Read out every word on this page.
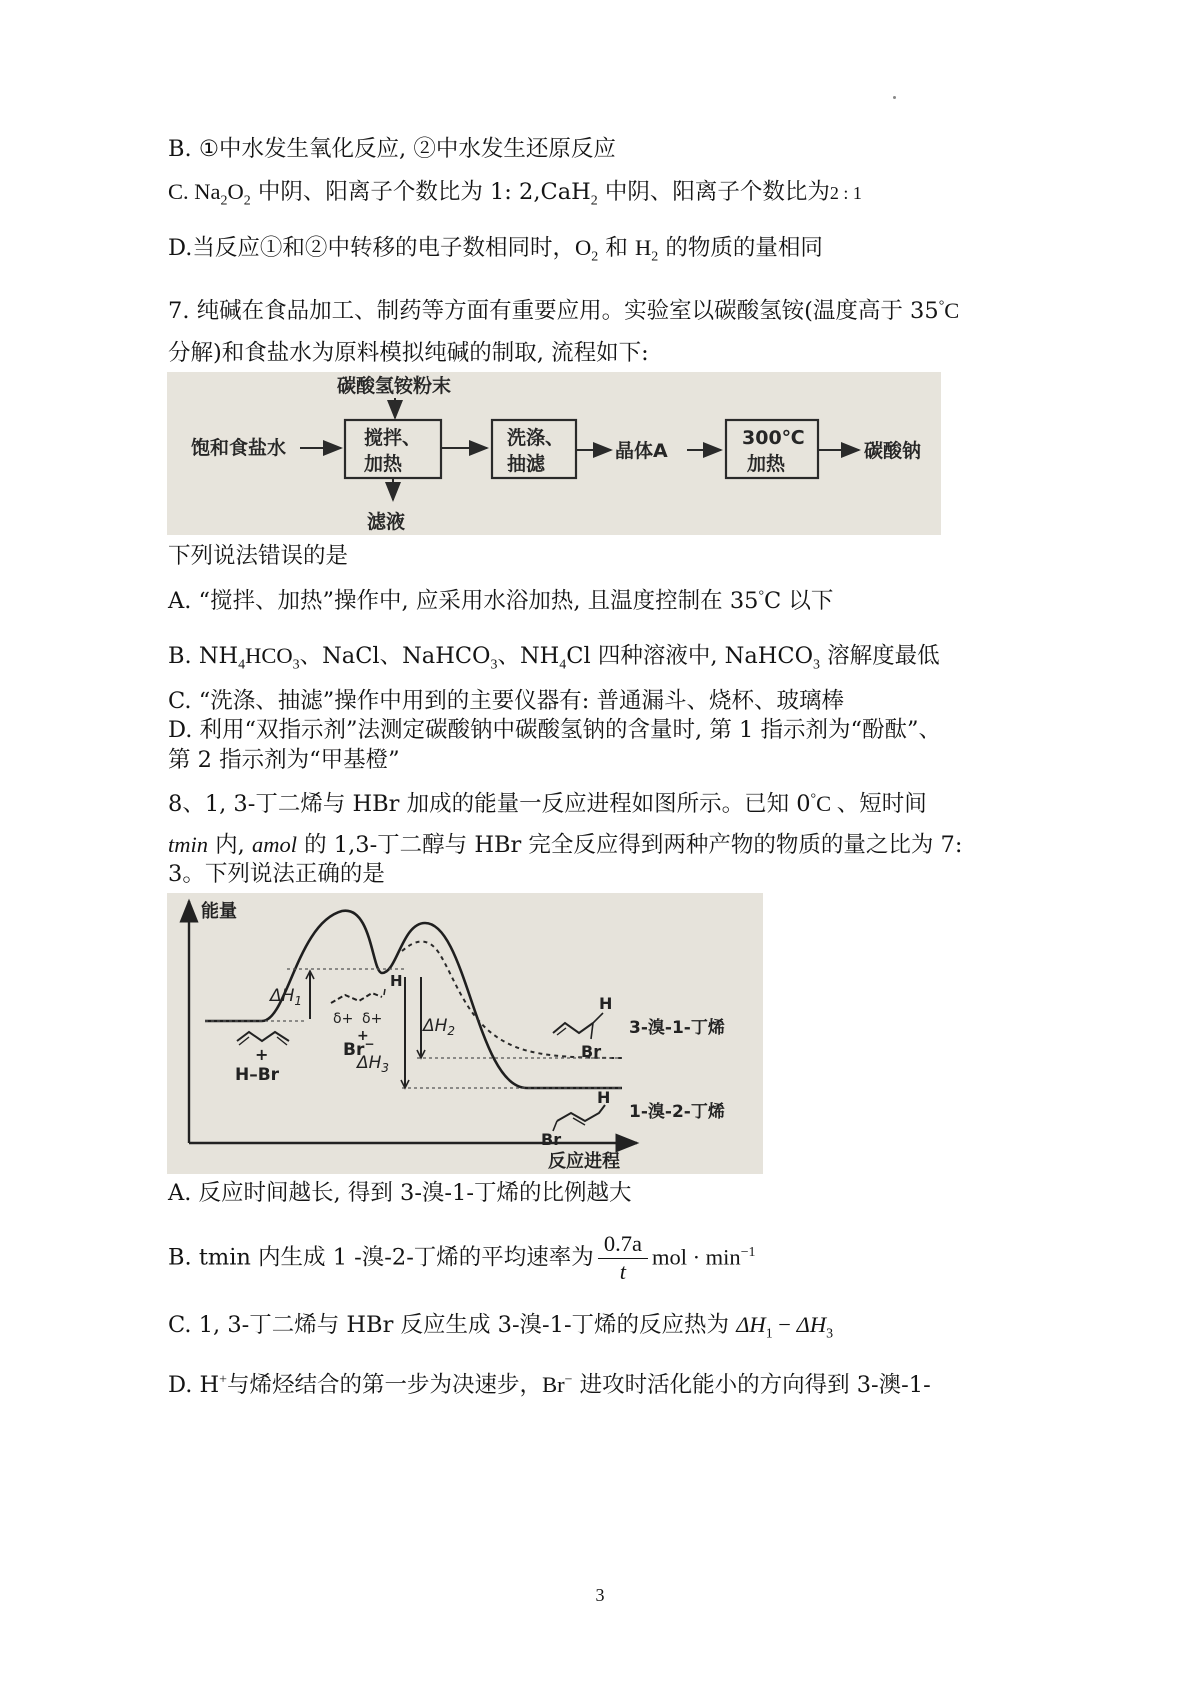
B. ①中水发生氧化反应, ②中水发生还原反应
C. $Na_2O_2$ 中阴、阳离子个数比为 1: 2,CaH$_2$ 中阴、阳离子个数比为2 : 1
D.当反应①和②中转移的电子数相同时，$O_2$ 和 $H_2$ 的物质的量相同
7. 纯碱在食品加工、制药等方面有重要应用。实验室以碳酸氢铵(温度高于 35°C
分解)和食盐水为原料模拟纯碱的制取, 流程如下:
碳酸氢铵粉末
饱和食盐水	搅拌、
加热
滤液
洗涤、
抽滤
晶体A
300℃
加热
碳酸钠
下列说法错误的是
A. “搅拌、加热”操作中, 应采用水浴加热, 且温度控制在 35°C 以下
B. $NH_4HCO_3$、NaCl、NaHCO$_3$、$NH_4Cl$ 四种溶液中, NaHCO$_3$ 溶解度最低
C. “洗涤、抽滤”操作中用到的主要仪器有: 普通漏斗、烧杯、玻璃棒
D. 利用“双指示剂”法测定碳酸钠中碳酸氢钠的含量时, 第 1 指示剂为“酚酞”、
第 2 指示剂为“甲基橙”
8、1, 3-丁二烯与 HBr 加成的能量一反应进程如图所示。已知 0°C 、短时间
tmin 内, amol 的 1,3-丁二醇与 HBr 完全反应得到两种产物的物质的量之比为 7:
3。下列说法正确的是
能量
反应进程
$\Delta H_1$
$\Delta H_2$
$\Delta H_3$
+
H–Br
H
δ+ δ+
+
Br−
H
Br
3-溴-1-丁烯
H
Br
1-溴-2-丁烯
A. 反应时间越长, 得到 3-溴-1-丁烯的比例越大
B. tmin 内生成 1 -溴-2-丁烯的平均速率为 $\frac{0.7a}{t}$ mol · $\min^{-1}$
C. 1, 3-丁二烯与 HBr 反应生成 3-溴-1-丁烯的反应热为 $\Delta H_1 - \Delta H_3$
D. H+与烯烃结合的第一步为决速步，Br− 进攻时活化能小的方向得到 3-澳-1-
3
